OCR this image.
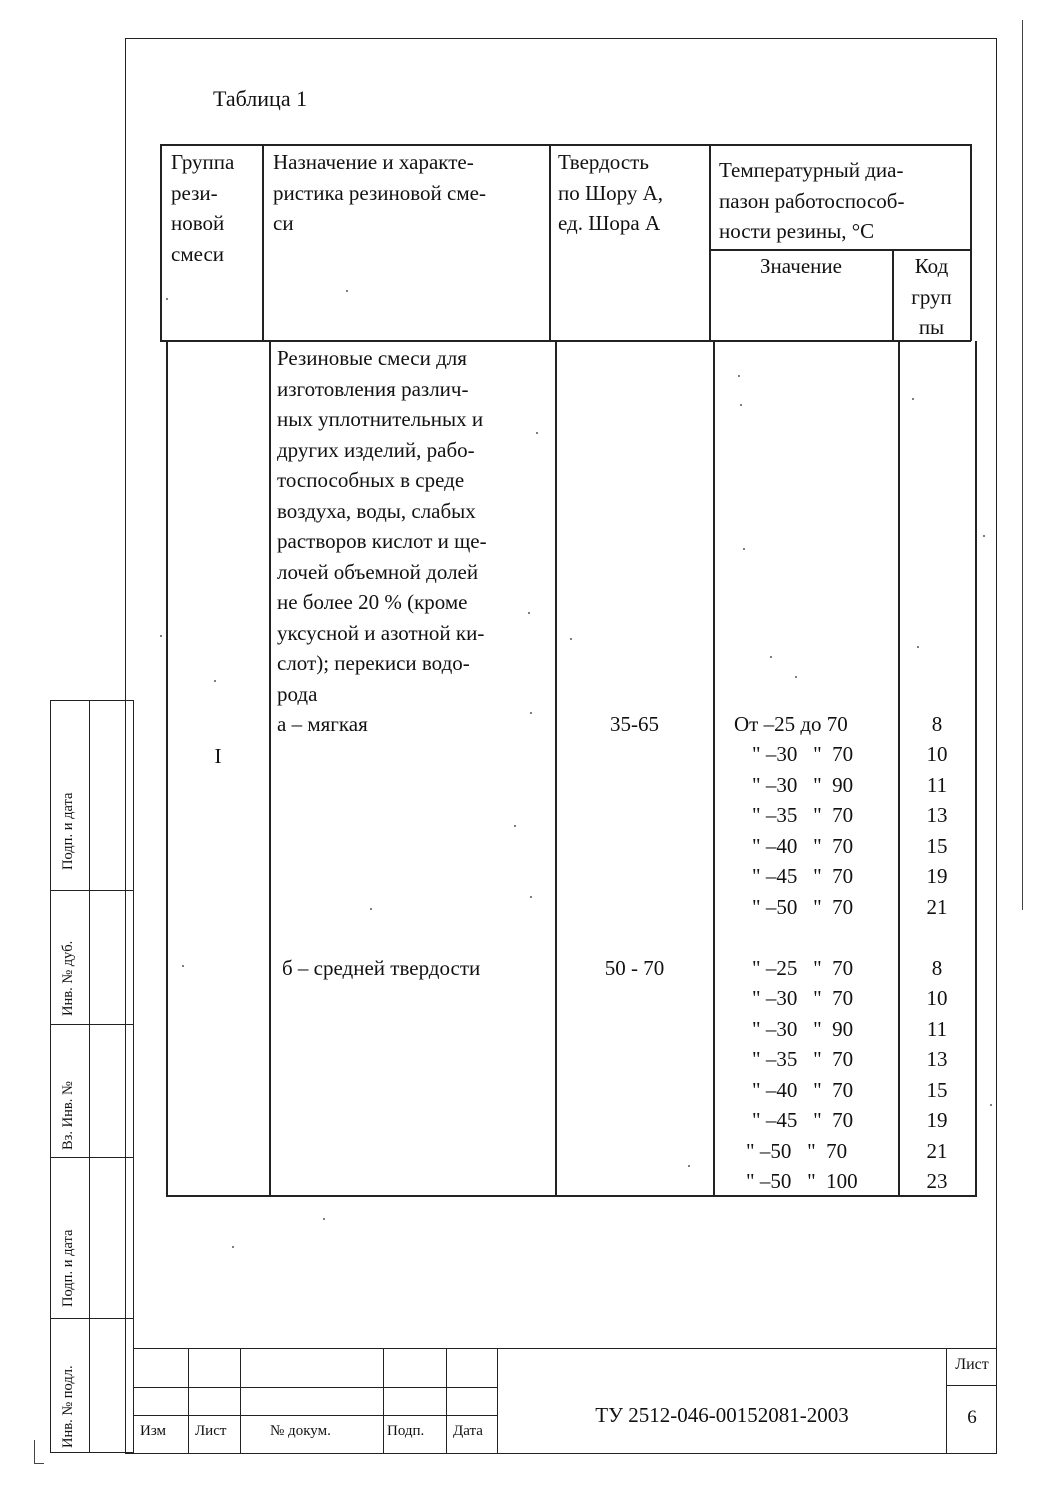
Таблица 1
Группа
рези-
новой
смеси
Назначение и характе-
ристика резиновой сме-
си
Твердость
по Шору А,
ед. Шора А
Температурный диа-
пазон работоспособ-
ности резины, °С
Значение	Код
груп
пы
Резиновые смеси для
изготовления различ-
ных уплотнительных и
других изделий, рабо-
тоспособных в среде
воздуха, воды, слабых
растворов кислот и ще-
лочей объемной долей
не более 20 % (кроме
уксусной и азотной ки-
слот); перекиси водо-
рода
I
а – мягкая	35-65	От –25 до 70
" –30   "  70
" –30   "  90
" –35   "  70
" –40   "  70
" –45   "  70
" –50   "  70
8
10
11
13
15
19
21
б – средней твердости	50 - 70	" –25   "  70
" –30   "  70
" –30   "  90
" –35   "  70
" –40   "  70
" –45   "  70
" –50   "  70
" –50   "  100
8
10
11
13
15
19
21
23
Подп. и дата
Инв. № дуб.
Вз. Инв. №
Подп. и дата
Инв. № подл.	Изм Лист	№ докум.	Подп. Дата
ТУ 2512-046-00152081-2003
Лист
6
